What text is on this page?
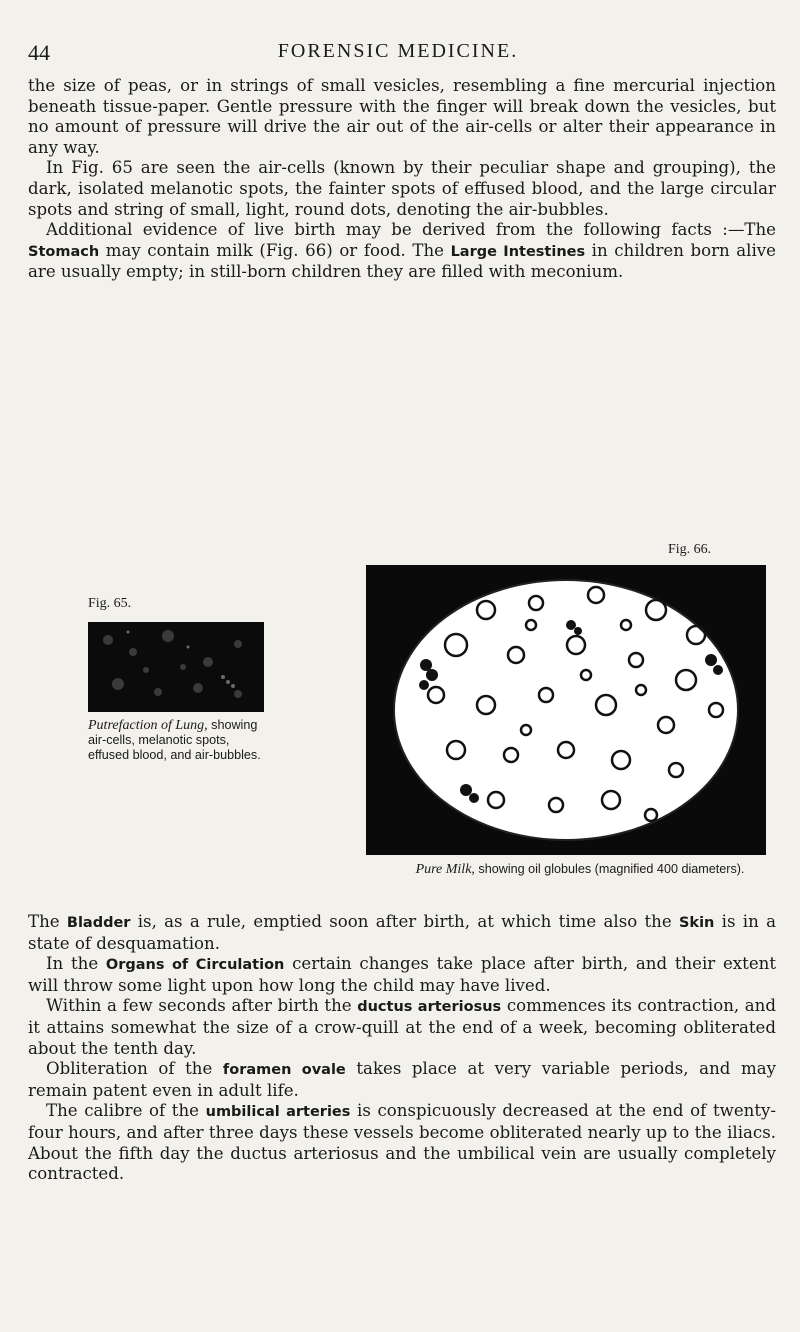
44	FORENSIC MEDICINE.

the size of peas, or in strings of small vesicles, resembling a fine mercurial injection beneath tissue-paper. Gentle pressure with the finger will break down the vesicles, but no amount of pressure will drive the air out of the air-cells or alter their appearance in any way.

In Fig. 65 are seen the air-cells (known by their peculiar shape and grouping), the dark, isolated melanotic spots, the fainter spots of effused blood, and the large circular spots and string of small, light, round dots, denoting the air-bubbles.

Additional evidence of live birth may be derived from the following facts :—The Stomach may contain milk (Fig. 66) or food. The Large Intestines in children born alive are usually empty; in still-born children they are filled with meconium.

Fig. 65.
Putrefaction of Lung, showing air-cells, melanotic spots, effused blood, and air-bubbles.
Fig. 66.
Pure Milk, showing oil globules (magnified 400 diameters).

The Bladder is, as a rule, emptied soon after birth, at which time also the Skin is in a state of desquamation.

In the Organs of Circulation certain changes take place after birth, and their extent will throw some light upon how long the child may have lived.

Within a few seconds after birth the ductus arteriosus commences its contraction, and it attains somewhat the size of a crow-quill at the end of a week, becoming obliterated about the tenth day.

Obliteration of the foramen ovale takes place at very variable periods, and may remain patent even in adult life.

The calibre of the umbilical arteries is conspicuously decreased at the end of twenty-four hours, and after three days these vessels become obliterated nearly up to the iliacs. About the fifth day the ductus arteriosus and the umbilical vein are usually completely contracted.
